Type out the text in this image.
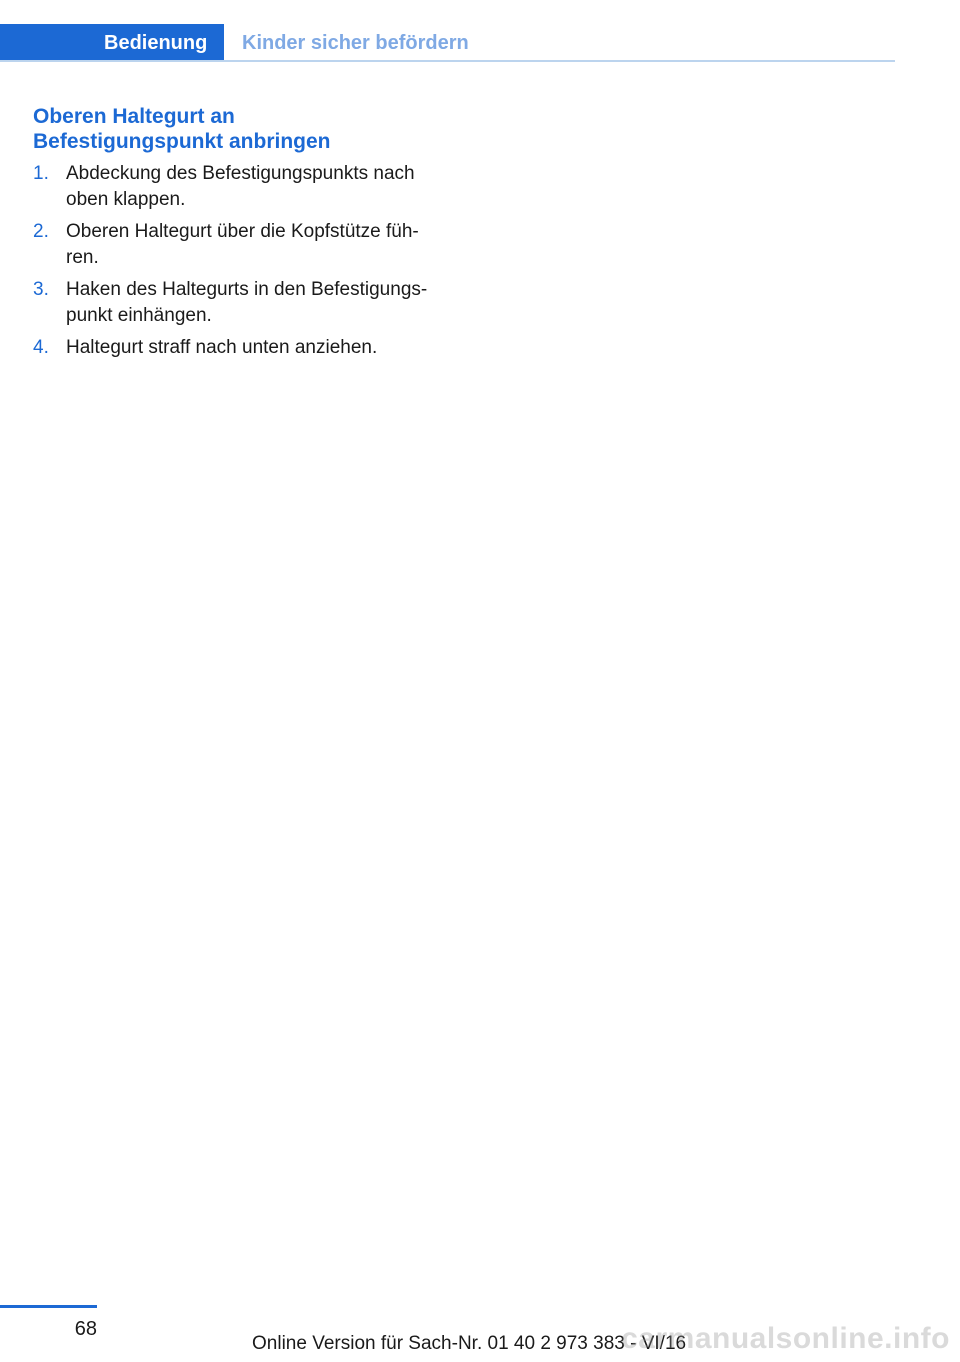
Bedienung	Kinder sicher befördern
Oberen Haltegurt an
Befestigungspunkt anbringen
1. Abdeckung des Befestigungspunkts nach
oben klappen.
2. Oberen Haltegurt über die Kopfstütze füh-
ren.
3. Haken des Haltegurts in den Befestigungs-
punkt einhängen.
4. Haltegurt straff nach unten anziehen.
68
Online Version für Sach-Nr. 01 40 2 973 383 - VI/16
carmanualsonline.info
